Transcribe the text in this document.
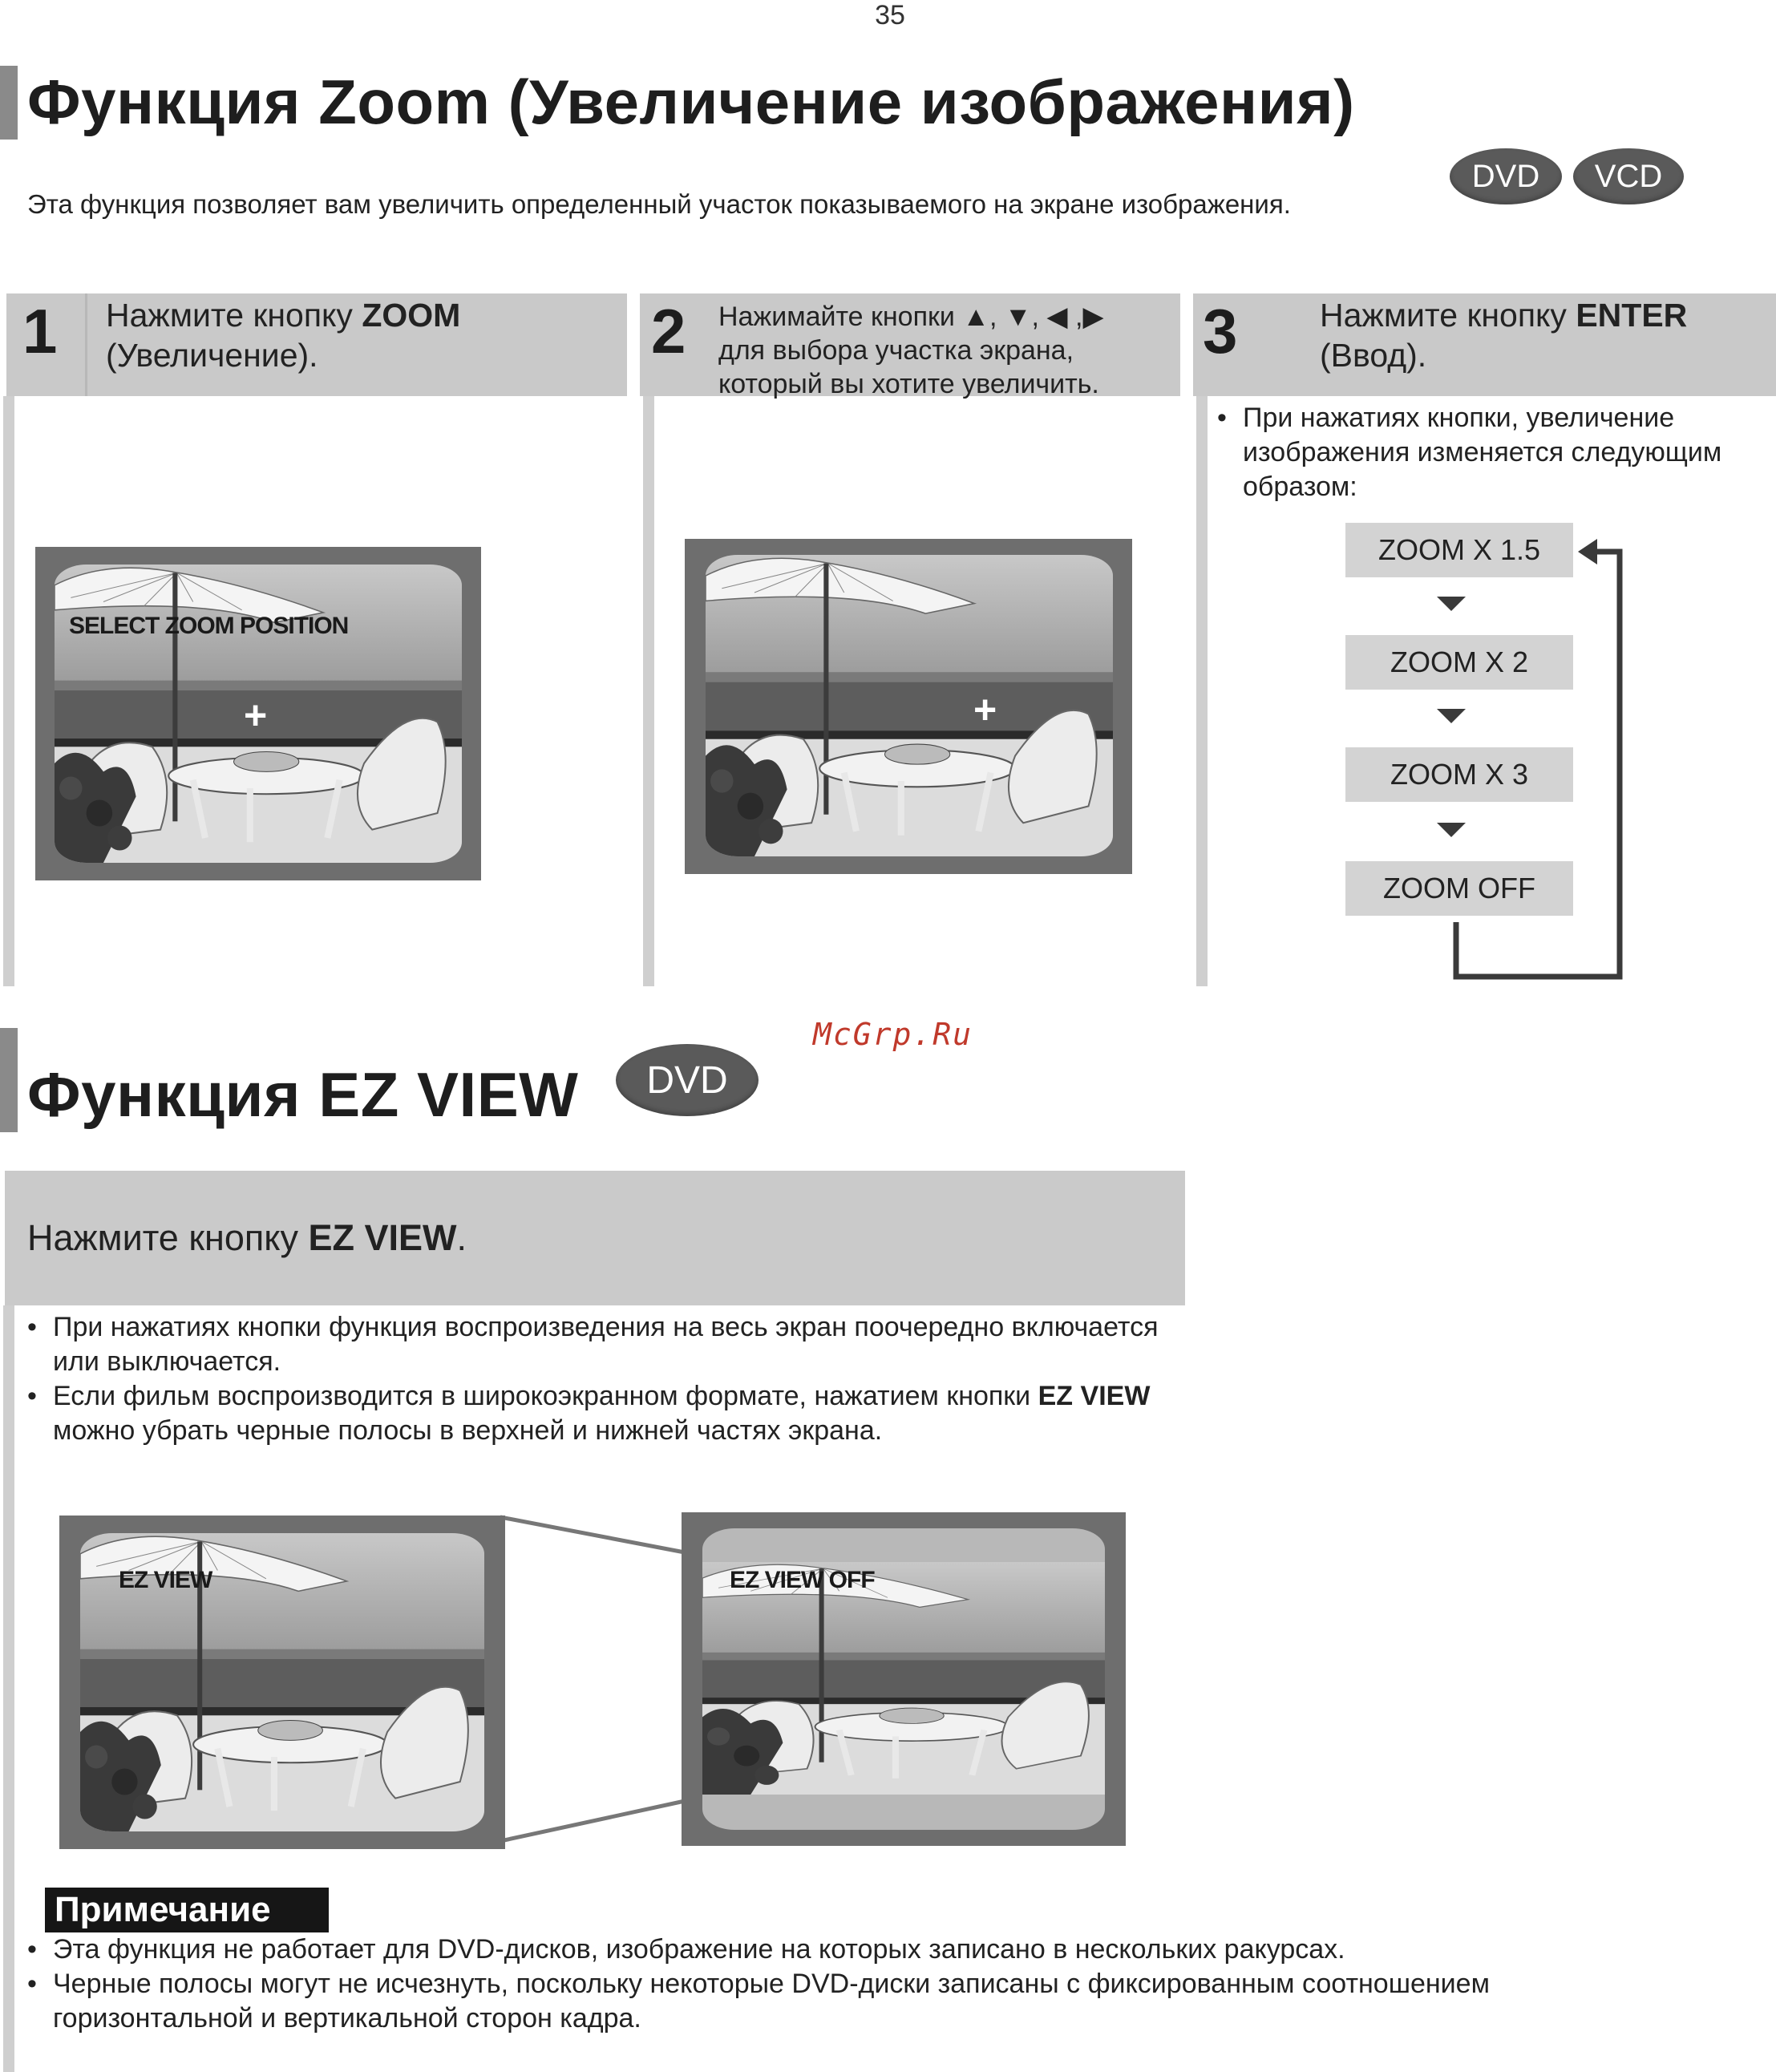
35
Функция Zoom (Увеличение изображения)
DVD	VCD
Эта функция позволяет вам увеличить определенный участок показываемого на экране изображения.
1 Нажмите кнопку ZOOM
(Увеличение).
SELECT ZOOM POSITION
+
2 Нажимайте кнопки ▲, ▼, ◀ ,▶
для выбора участка экрана,
который вы хотите увеличить.
+
3	Нажмите кнопку ENTER
(Ввод).
• При нажатиях кнопки, увеличение изображения изменяется следующим образом:
ZOOM X 1.5
ZOOM X 2
ZOOM X 3
ZOOM OFF
McGrp.Ru
Функция EZ VIEW	DVD
Нажмите кнопку EZ VIEW.
• При нажатиях кнопки функция воспроизведения на весь экран поочередно включается или выключается.
• Если фильм воспроизводится в широкоэкранном формате, нажатием кнопки EZ VIEW можно убрать черные полосы в верхней и нижней частях экрана.
EZ VIEW	EZ VIEW OFF
Примечание
• Эта функция не работает для DVD-дисков, изображение на которых записано в нескольких ракурсах.
• Черные полосы могут не исчезнуть, поскольку некоторые DVD-диски записаны с фиксированным соотношением горизонтальной и вертикальной сторон кадра.
